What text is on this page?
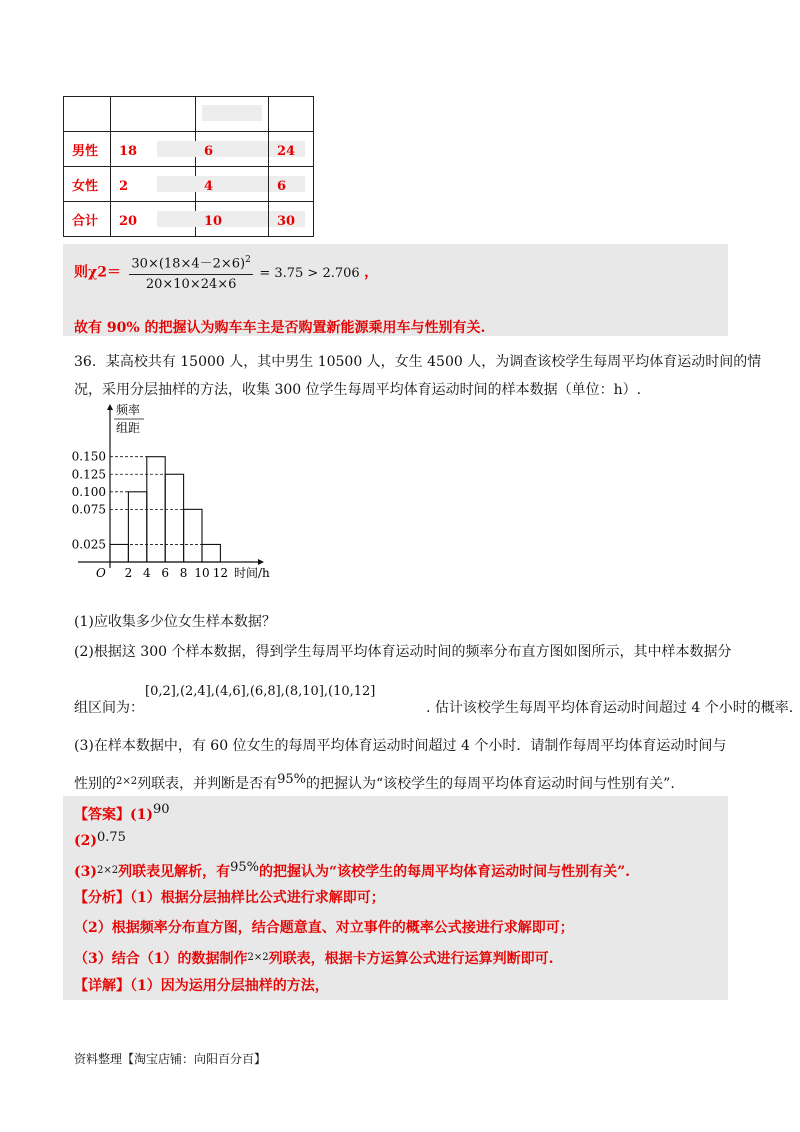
男性	18	6	24
女性	2	4	6
合计	20	10	30
则$\chi 2= \frac{30\times(18\times 4-2\times 6)^2}{20\times 10\times 24\times 6} = 3.75 > 2.706$ ，
故有 90% 的把握认为购车车主是否购置新能源乘用车与性别有关.
36．某高校共有 15000 人，其中男生 10500 人，女生 4500 人，为调查该校学生每周平均体育运动时间的情
况，采用分层抽样的方法，收集 300 位学生每周平均体育运动时间的样本数据（单位：h）.
0.150
0.125
0.100
0.075
0.025
2 4 6 8 10 12
O	时间/h
频率
组距
(1)应收集多少位女生样本数据？
(2)根据这 300 个样本数据，得到学生每周平均体育运动时间的频率分布直方图如图所示，其中样本数据分
[0,2],(2,4],(4,6],(6,8],(8,10],(10,12]
组区间为：	. 估计该校学生每周平均体育运动时间超过 4 个小时的概率.
(3)在样本数据中，有 60 位女生的每周平均体育运动时间超过 4 个小时．请制作每周平均体育运动时间与
性别的$^{2\times 2}$列联表，并判断是否有95%的把握认为“该校学生的每周平均体育运动时间与性别有关”.
【答案】(1)90
(2)0.75
$(3)^{2\times 2}$列联表见解析，有95%的把握认为“该校学生的每周平均体育运动时间与性别有关”.
【分析】（1）根据分层抽样比公式进行求解即可；
（2）根据频率分布直方图，结合题意直、对立事件的概率公式接进行求解即可；
（3）结合（1）的数据制作$^{2\times 2}$列联表，根据卡方运算公式进行运算判断即可.
【详解】（1）因为运用分层抽样的方法，
资料整理【淘宝店铺：向阳百分百】
